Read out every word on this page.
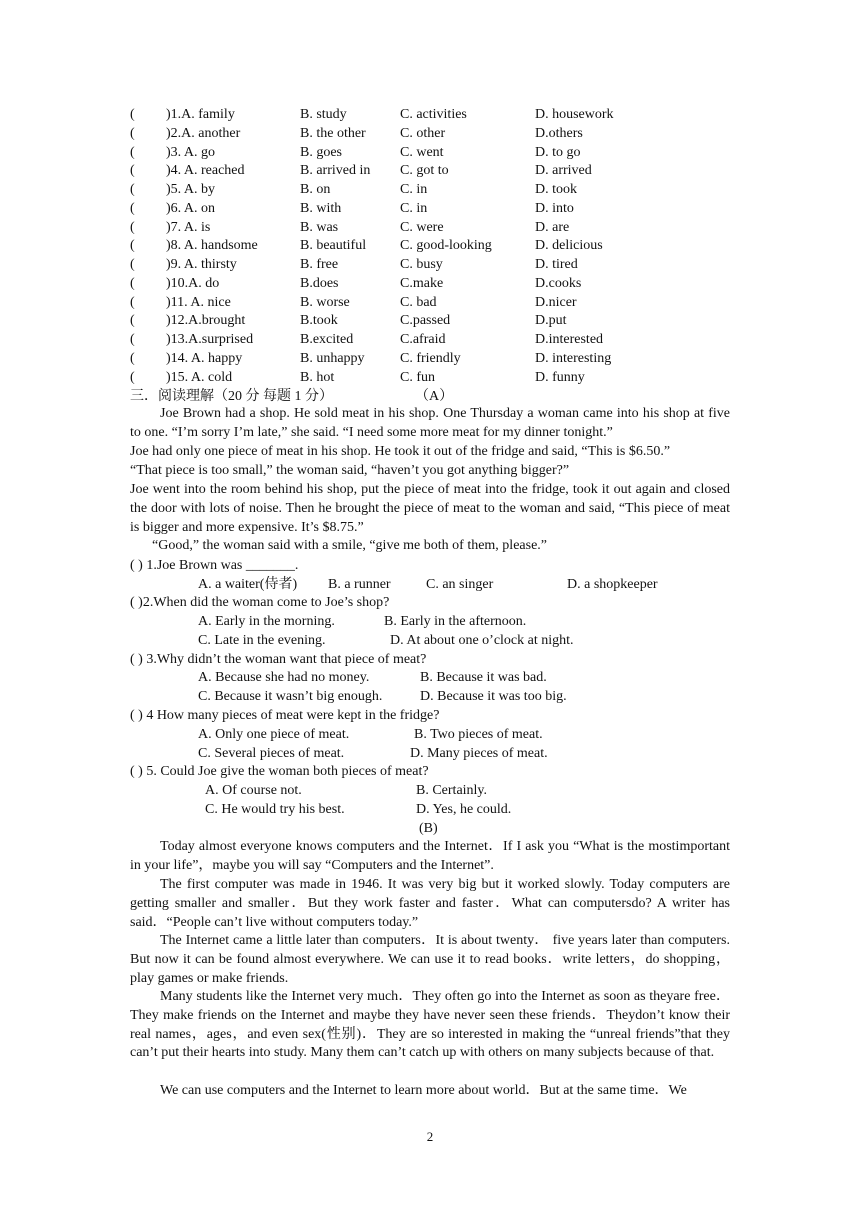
( )1.A. family	B. study	C. activities	D. housework
( )2.A. another	B. the other C. other	D.others
( )3. A. go	B. goes	C. went	D. to go
( )4. A. reached	B. arrived in C. got to	D. arrived
( )5. A. by	B. on	C. in	D. took
( )6. A. on	B. with	C. in	D. into
( )7. A. is	B. was	C. were	D. are
( )8. A. handsome	B. beautiful C. good-looking	D. delicious
( )9. A. thirsty	B. free	C. busy	D. tired
( )10.A. do	B.does	C.make	D.cooks
( )11. A. nice	B. worse	C. bad	D.nicer
( )12.A.brought	B.took	C.passed	D.put
( )13.A.surprised	B.excited	C.afraid	D.interested
( )14. A. happy	B. unhappy	C. friendly	D. interesting
( )15. A. cold	B. hot	C. fun	D. funny
三．阅读理解（20 分 每题 1 分）	（A）
Joe Brown had a shop. He sold meat in his shop. One Thursday a woman came into his shop at five to one. “I’m sorry I’m late,” she said. “I need some more meat for my dinner tonight.”
Joe had only one piece of meat in his shop. He took it out of the fridge and said, “This is $6.50.”
“That piece is too small,” the woman said, “haven’t you got anything bigger?”
Joe went into the room behind his shop, put the piece of meat into the fridge, took it out again and closed the door with lots of noise. Then he brought the piece of meat to the woman and said, “This piece of meat is bigger and more expensive. It’s $8.75.”
“Good,” the woman said with a smile, “give me both of them, please.”
( ) 1.Joe Brown was _______.
A. a waiter(侍者) B. a runner	C. an singer	D. a shopkeeper
( )2.When did the woman come to Joe’s shop?
A. Early in the morning.	B. Early in the afternoon.
C. Late in the evening.	D. At about one o’clock at night.
( ) 3.Why didn’t the woman want that piece of meat?
A. Because she had no money.	B. Because it was bad.
C. Because it wasn’t big enough.	D. Because it was too big.
( ) 4 How many pieces of meat were kept in the fridge?
A. Only one piece of meat.	B. Two pieces of meat.
C. Several pieces of meat.	D. Many pieces of meat.
( ) 5. Could Joe give the woman both pieces of meat?
A. Of course not.	B. Certainly.
C. He would try his best.	D. Yes, he could.
(B)
Today almost everyone knows computers and the Internet．If I ask you “What is the mostimportant in your life”，maybe you will say “Computers and the Internet”.
The first computer was made in 1946. It was very big but it worked slowly. Today computers are getting smaller and smaller．But they work faster and faster．What can computersdo? A writer has said．“People can’t live without computers today.”
The Internet came a little later than computers．It is about twenty． five years later than computers. But now it can be found almost everywhere. We can use it to read books．write letters，do shopping，play games or make friends.
Many students like the Internet very much．They often go into the Internet as soon as theyare free．They make friends on the Internet and maybe they have never seen these friends．Theydon’t know their real names，ages，and even sex(性别)．They are so interested in making the “unreal friends”that they can’t put their hearts into study. Many them can’t catch up with others on many subjects because of that.
We can use computers and the Internet to learn more about world．But at the same time．We
2
